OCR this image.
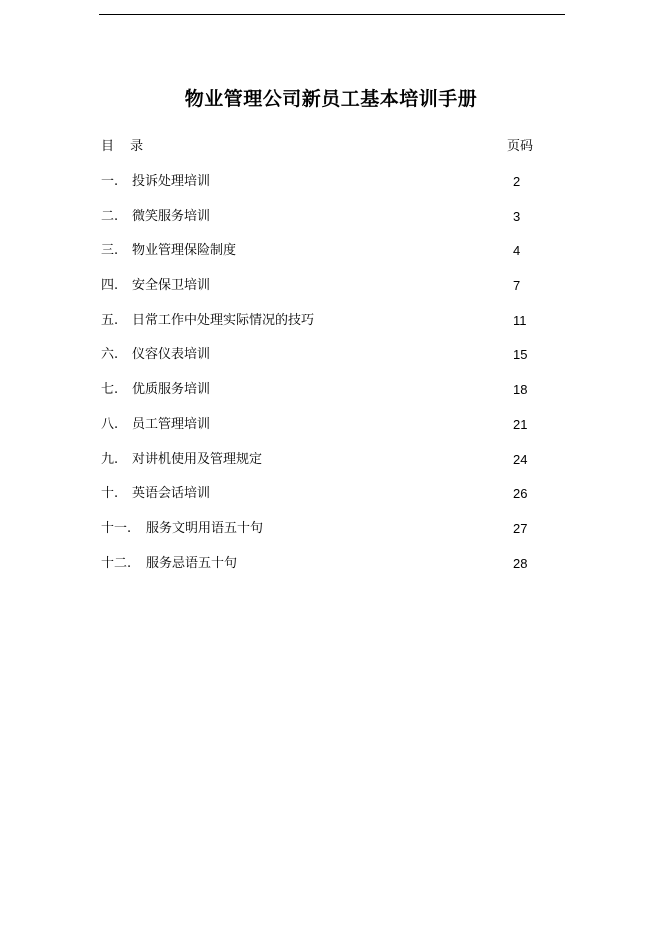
物业管理公司新员工基本培训手册
目 录	页码
一. 投诉处理培训	2
二. 微笑服务培训	3
三. 物业管理保险制度	4
四. 安全保卫培训	7
五. 日常工作中处理实际情况的技巧	11
六. 仪容仪表培训	15
七. 优质服务培训	18
八. 员工管理培训	21
九. 对讲机使用及管理规定	24
十. 英语会话培训	26
十一. 服务文明用语五十句	27
十二. 服务忌语五十句	28
